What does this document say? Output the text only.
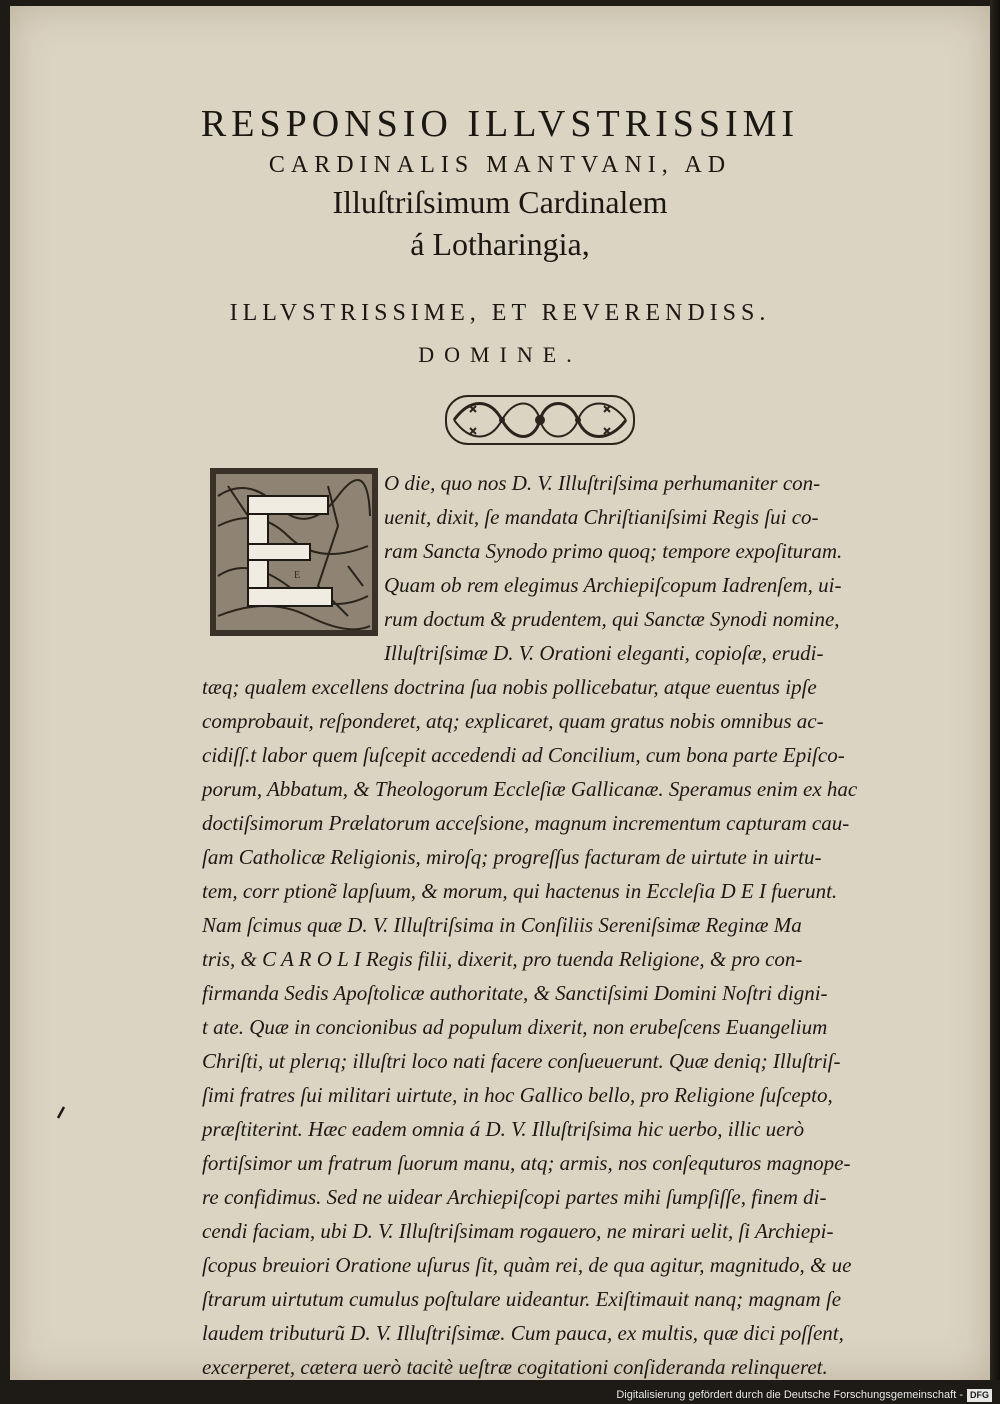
RESPONSIO ILLVSTRISSIMI
CARDINALIS MANTVANI, AD
Illuſtriſsimum Cardinalem
á Lotharingia,
ILLVSTRISSIME, ET REVERENDISS.
DOMINE.
E
O die, quo nos D. V. Illuſtriſsima perhumaniter con-
uenit, dixit, ſe mandata Chriſtianiſsimi Regis ſui co-
ram Sancta Synodo primo quoq; tempore expoſituram.
Quam ob rem elegimus Archiepiſcopum Iadrenſem, ui-
rum doctum & prudentem, qui Sanctæ Synodi nomine,
Illuſtriſsimæ D. V. Orationi eleganti, copioſæ, erudi-
tæq; qualem excellens doctrina ſua nobis pollicebatur, atque euentus ipſe
comprobauit, reſponderet, atq; explicaret, quam gratus nobis omnibus ac-
cidiſſ.t labor quem ſuſcepit accedendi ad Concilium, cum bona parte Epiſco-
porum, Abbatum, & Theologorum Eccleſiæ Gallicanæ. Speramus enim ex hac
doctiſsimorum Prælatorum acceſsione, magnum incrementum capturam cau-
ſam Catholicæ Religionis, miroſq; progreſſus facturam de uirtute in uirtu-
tem, corr ptionẽ lapſuum, & morum, qui hactenus in Eccleſia D E I fuerunt.
Nam ſcimus quæ D. V. Illuſtriſsima in Conſiliis Sereniſsimæ Reginæ Ma
tris, & C A R O L I Regis filii, dixerit, pro tuenda Religione, & pro con-
firmanda Sedis Apoſtolicæ authoritate, & Sanctiſsimi Domini Noſtri digni-
t ate. Quæ in concionibus ad populum dixerit, non erubeſcens Euangelium
Chriſti, ut plerıq; illuſtri loco nati facere conſueuerunt. Quæ deniq; Illuſtriſ-
ſimi fratres ſui militari uirtute, in hoc Gallico bello, pro Religione ſuſcepto,
præſtiterint. Hæc eadem omnia á D. V. Illuſtriſsima hic uerbo, illic uerò
fortiſsimor um fratrum ſuorum manu, atq; armis, nos conſequturos magnope-
re confidimus. Sed ne uidear Archiepiſcopi partes mihi ſumpſiſſe, finem di-
cendi faciam, ubi D. V. Illuſtriſsimam rogauero, ne mirari uelit, ſi Archiepi-
ſcopus breuiori Oratione uſurus ſit, quàm rei, de qua agitur, magnitudo, & ue
ſtrarum uirtutum cumulus poſtulare uideantur. Exiſtimauit nanq; magnam ſe
laudem tributurũ D. V. Illuſtriſsimæ. Cum pauca, ex multis, quæ dici poſſent,
excerperet, cætera uerò tacitè ueſtræ cogitationi conſideranda relinqueret.
Digitalisierung gefördert durch die Deutsche Forschungsgemeinschaft - DFG
